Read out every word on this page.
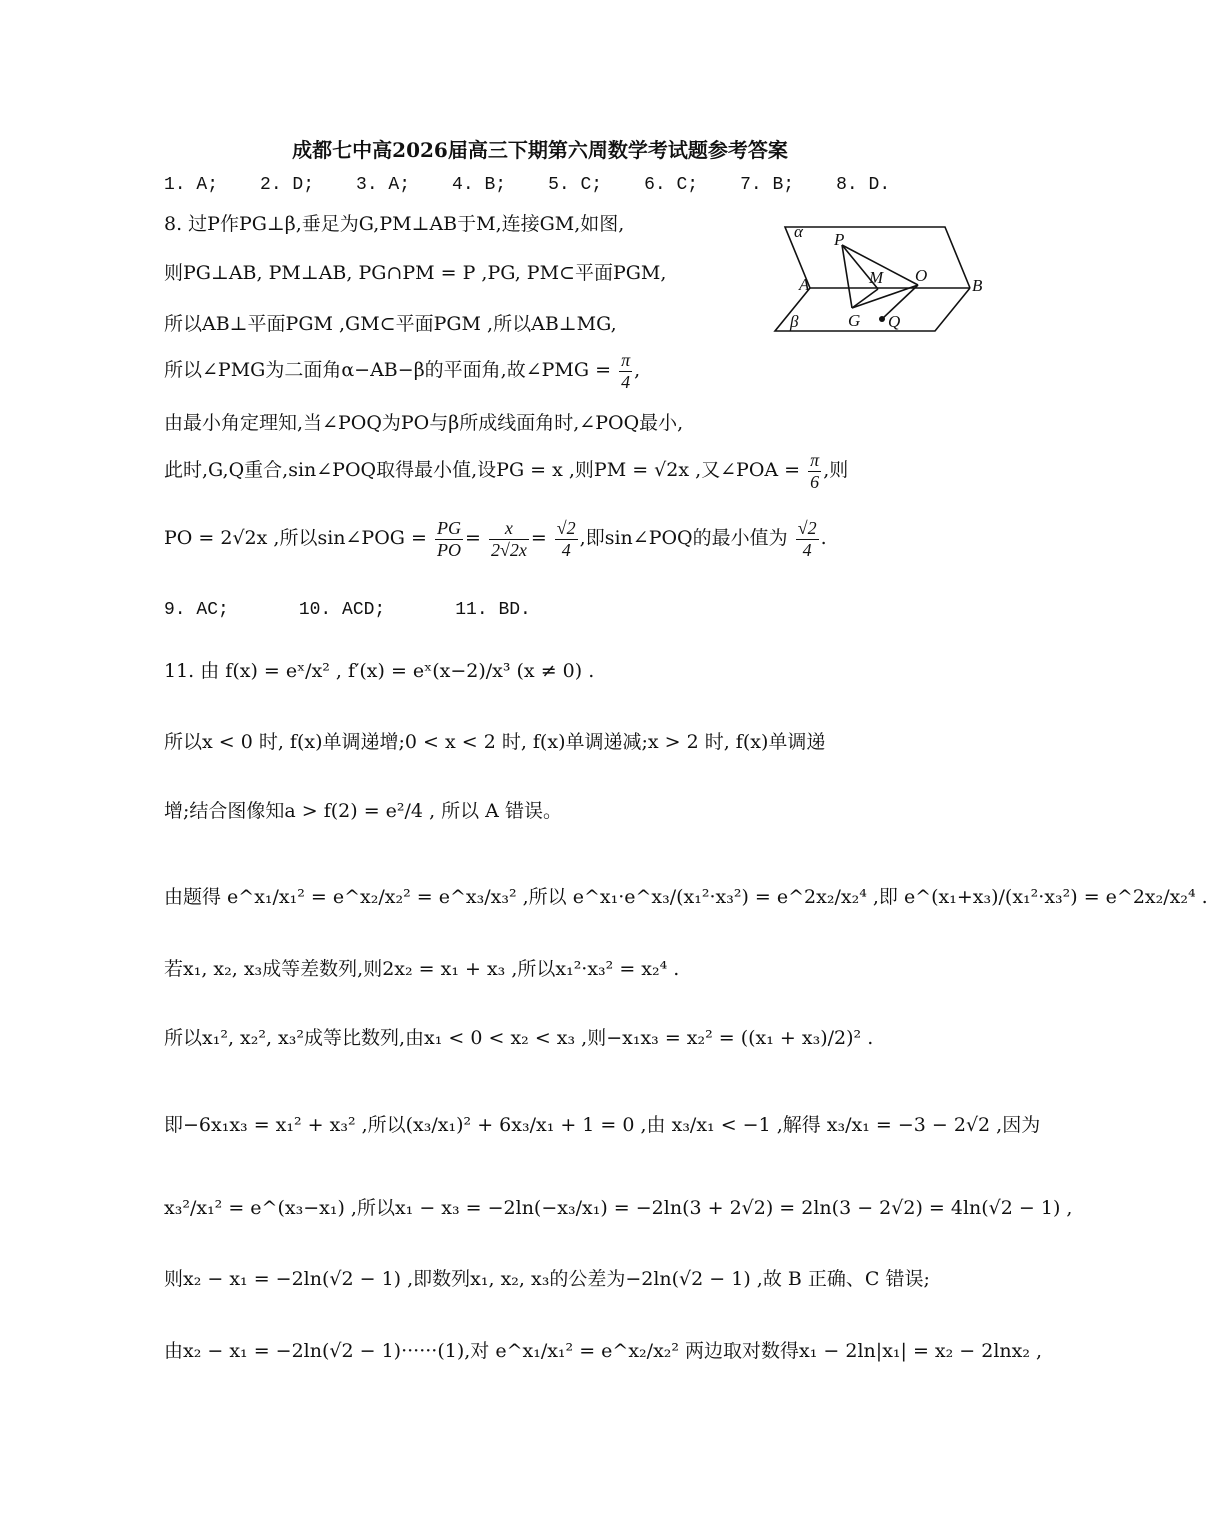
成都七中高2026届高三下期第六周数学考试题参考答案
1. A; 2. D; 3. A; 4. B; 5. C; 6. C; 7. B; 8. D.
8. 过P作PG⊥β,垂足为G,PM⊥AB于M,连接GM,如图,
则PG⊥AB, PM⊥AB, PG∩PM = P ,PG, PM⊂平面PGM,
所以AB⊥平面PGM ,GM⊂平面PGM ,所以AB⊥MG,
所以∠PMG为二面角α−AB−β的平面角,故∠PMG = $\frac{\pi}{4}$ ,
由最小角定理知,当∠POQ为PO与β所成线面角时,∠POQ最小,
此时,G,Q重合,sin∠POQ取得最小值,设PG = x ,则PM = √2x ,又∠POA = $\frac{\pi}{6}$ ,则
PO = 2√2x ,所以sin∠POG = $\frac{PG}{PO} = \frac{x}{2√2x} = \frac{√2}{4}$ ,即sin∠POQ的最小值为 $\frac{√2}{4}$ .
α
β
P
M O
A	B
G Q
9. AC;	10. ACD;	11. BD.
11. 由 f(x) = eˣ/x² , f′(x) = eˣ(x−2)/x³ (x ≠ 0) .
所以x < 0 时, f(x)单调递增;0 < x < 2 时, f(x)单调递减;x > 2 时, f(x)单调递
增;结合图像知a > f(2) = e²/4 , 所以 A 错误。
由题得 e^x₁/x₁² = e^x₂/x₂² = e^x₃/x₃² ,所以 e^x₁·e^x₃/(x₁²·x₃²) = e^2x₂/x₂⁴ ,即 e^(x₁+x₃)/(x₁²·x₃²) = e^2x₂/x₂⁴ .
若x₁, x₂, x₃成等差数列,则2x₂ = x₁ + x₃ ,所以x₁²·x₃² = x₂⁴ .
所以x₁², x₂², x₃²成等比数列,由x₁ < 0 < x₂ < x₃ ,则−x₁x₃ = x₂² = ((x₁ + x₃)/2)² .
即−6x₁x₃ = x₁² + x₃² ,所以(x₃/x₁)² + 6x₃/x₁ + 1 = 0 ,由 x₃/x₁ < −1 ,解得 x₃/x₁ = −3 − 2√2 ,因为
x₃²/x₁² = e^(x₃−x₁) ,所以x₁ − x₃ = −2ln(−x₃/x₁) = −2ln(3 + 2√2) = 2ln(3 − 2√2) = 4ln(√2 − 1) ,
则x₂ − x₁ = −2ln(√2 − 1) ,即数列x₁, x₂, x₃的公差为−2ln(√2 − 1) ,故 B 正确、C 错误;
由x₂ − x₁ = −2ln(√2 − 1)······(1),对 e^x₁/x₁² = e^x₂/x₂² 两边取对数得x₁ − 2ln|x₁| = x₂ − 2lnx₂ ,
